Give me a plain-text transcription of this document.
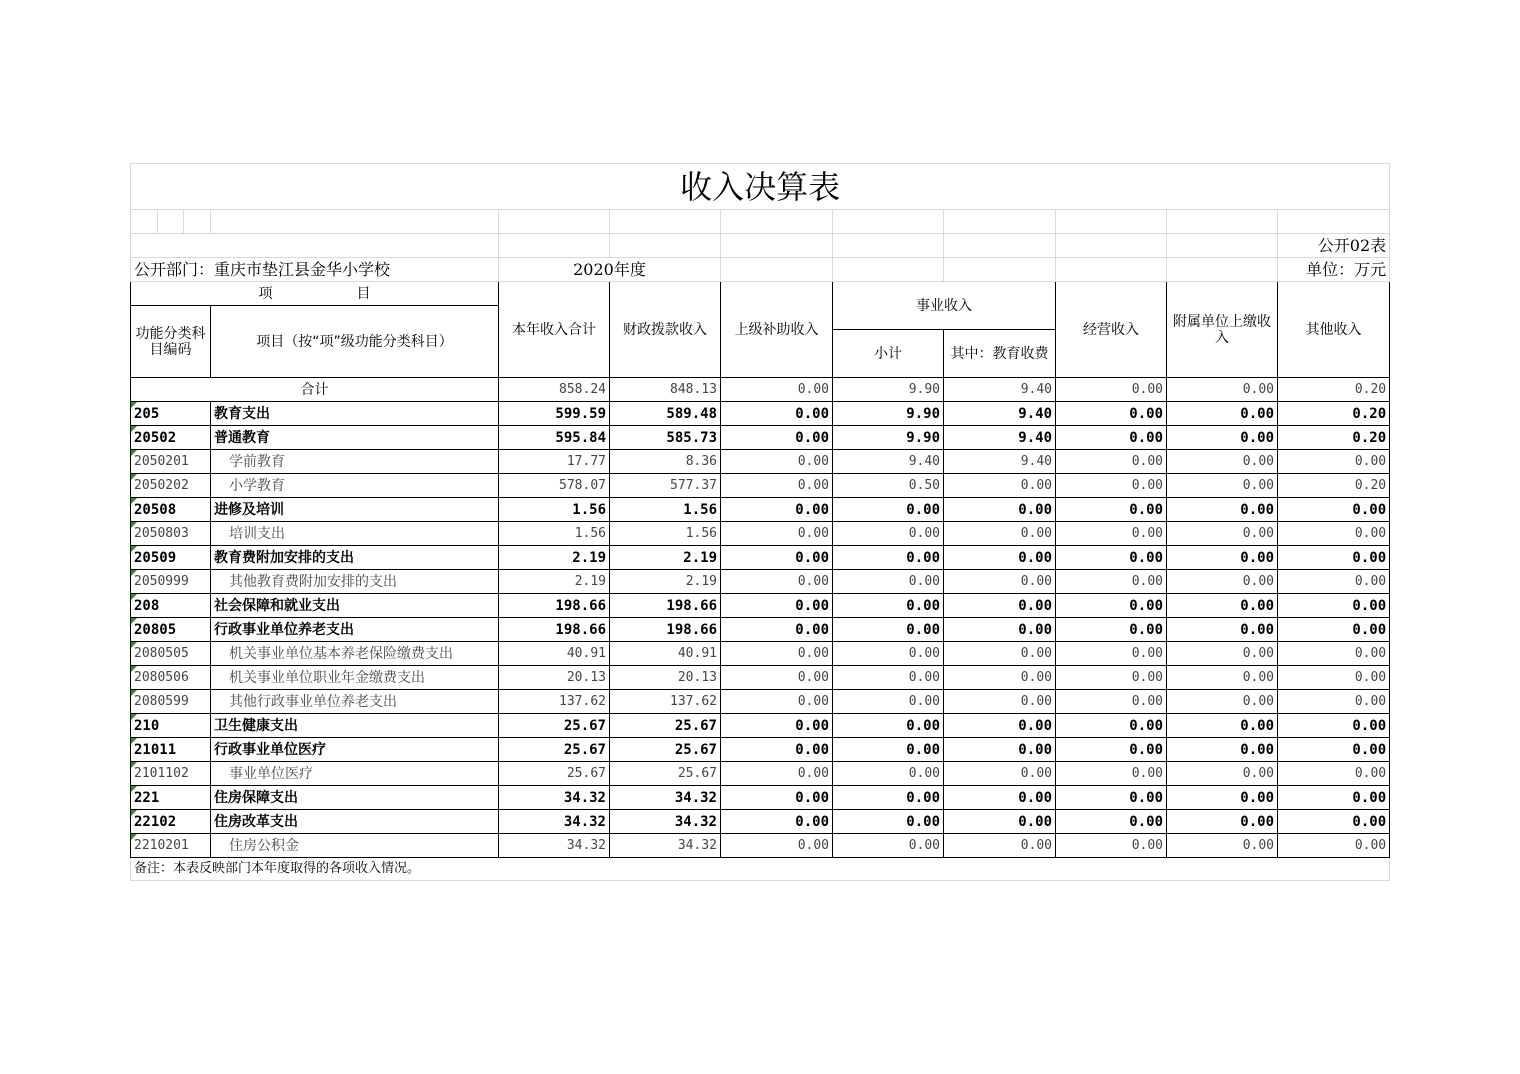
收入决算表											

											公开02表
公开部门：重庆市垫江县金华小学校				2020年度							单位：万元
项　　　　　　目				本年收入合计	财政拨款收入	上级补助收入	事业收入		经营收入	附属单位上缴收入	其他收入
功能分类科目编码			项目（按“项”级功能分类科目）								
							小计	其中：教育收费			
合计				858.24	848.13	0.00	9.90	9.40	0.00	0.00	0.20
205			教育支出	599.59	589.48	0.00	9.90	9.40	0.00	0.00	0.20
20502			普通教育	595.84	585.73	0.00	9.90	9.40	0.00	0.00	0.20
2050201			学前教育	17.77	8.36	0.00	9.40	9.40	0.00	0.00	0.00
2050202			小学教育	578.07	577.37	0.00	0.50	0.00	0.00	0.00	0.20
20508			进修及培训	1.56	1.56	0.00	0.00	0.00	0.00	0.00	0.00
2050803			培训支出	1.56	1.56	0.00	0.00	0.00	0.00	0.00	0.00
20509			教育费附加安排的支出	2.19	2.19	0.00	0.00	0.00	0.00	0.00	0.00
2050999			其他教育费附加安排的支出	2.19	2.19	0.00	0.00	0.00	0.00	0.00	0.00
208			社会保障和就业支出	198.66	198.66	0.00	0.00	0.00	0.00	0.00	0.00
20805			行政事业单位养老支出	198.66	198.66	0.00	0.00	0.00	0.00	0.00	0.00
2080505			机关事业单位基本养老保险缴费支出	40.91	40.91	0.00	0.00	0.00	0.00	0.00	0.00
2080506			机关事业单位职业年金缴费支出	20.13	20.13	0.00	0.00	0.00	0.00	0.00	0.00
2080599			其他行政事业单位养老支出	137.62	137.62	0.00	0.00	0.00	0.00	0.00	0.00
210			卫生健康支出	25.67	25.67	0.00	0.00	0.00	0.00	0.00	0.00
21011			行政事业单位医疗	25.67	25.67	0.00	0.00	0.00	0.00	0.00	0.00
2101102			事业单位医疗	25.67	25.67	0.00	0.00	0.00	0.00	0.00	0.00
221			住房保障支出	34.32	34.32	0.00	0.00	0.00	0.00	0.00	0.00
22102			住房改革支出	34.32	34.32	0.00	0.00	0.00	0.00	0.00	0.00
2210201			住房公积金	34.32	34.32	0.00	0.00	0.00	0.00	0.00	0.00
备注：本表反映部门本年度取得的各项收入情况。											
